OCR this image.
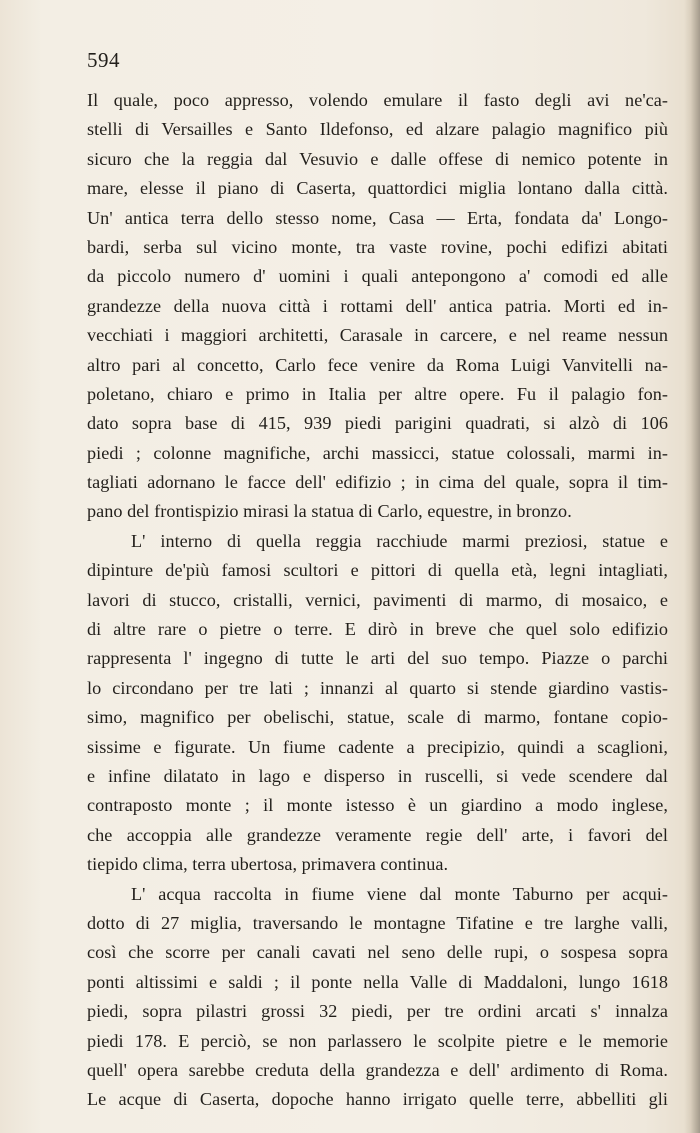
594
Il quale, poco appresso, volendo emulare il fasto degli avi ne'ca-
stelli di Versailles e Santo Ildefonso, ed alzare palagio magnifico più
sicuro che la reggia dal Vesuvio e dalle offese di nemico potente in
mare, elesse il piano di Caserta, quattordici miglia lontano dalla città.
Un' antica terra dello stesso nome, Casa — Erta, fondata da' Longo-
bardi, serba sul vicino monte, tra vaste rovine, pochi edifizi abitati
da piccolo numero d' uomini i quali antepongono a' comodi ed alle
grandezze della nuova città i rottami dell' antica patria. Morti ed in-
vecchiati i maggiori architetti, Carasale in carcere, e nel reame nessun
altro pari al concetto, Carlo fece venire da Roma Luigi Vanvitelli na-
poletano, chiaro e primo in Italia per altre opere. Fu il palagio fon-
dato sopra base di 415, 939 piedi parigini quadrati, si alzò di 106
piedi ; colonne magnifiche, archi massicci, statue colossali, marmi in-
tagliati adornano le facce dell' edifizio ; in cima del quale, sopra il tim-
pano del frontispizio mirasi la statua di Carlo, equestre, in bronzo.
L' interno di quella reggia racchiude marmi preziosi, statue e
dipinture de'più famosi scultori e pittori di quella età, legni intagliati,
lavori di stucco, cristalli, vernici, pavimenti di marmo, di mosaico, e
di altre rare o pietre o terre. E dirò in breve che quel solo edifizio
rappresenta l' ingegno di tutte le arti del suo tempo. Piazze o parchi
lo circondano per tre lati ; innanzi al quarto si stende giardino vastis-
simo, magnifico per obelischi, statue, scale di marmo, fontane copio-
sissime e figurate. Un fiume cadente a precipizio, quindi a scaglioni,
e infine dilatato in lago e disperso in ruscelli, si vede scendere dal
contraposto monte ; il monte istesso è un giardino a modo inglese,
che accoppia alle grandezze veramente regie dell' arte, i favori del
tiepido clima, terra ubertosa, primavera continua.
L' acqua raccolta in fiume viene dal monte Taburno per acqui-
dotto di 27 miglia, traversando le montagne Tifatine e tre larghe valli,
così che scorre per canali cavati nel seno delle rupi, o sospesa sopra
ponti altissimi e saldi ; il ponte nella Valle di Maddaloni, lungo 1618
piedi, sopra pilastri grossi 32 piedi, per tre ordini arcati s' innalza
piedi 178. E perciò, se non parlassero le scolpite pietre e le memorie
quell' opera sarebbe creduta della grandezza e dell' ardimento di Roma.
Le acque di Caserta, dopoche hanno irrigato quelle terre, abbelliti gli
